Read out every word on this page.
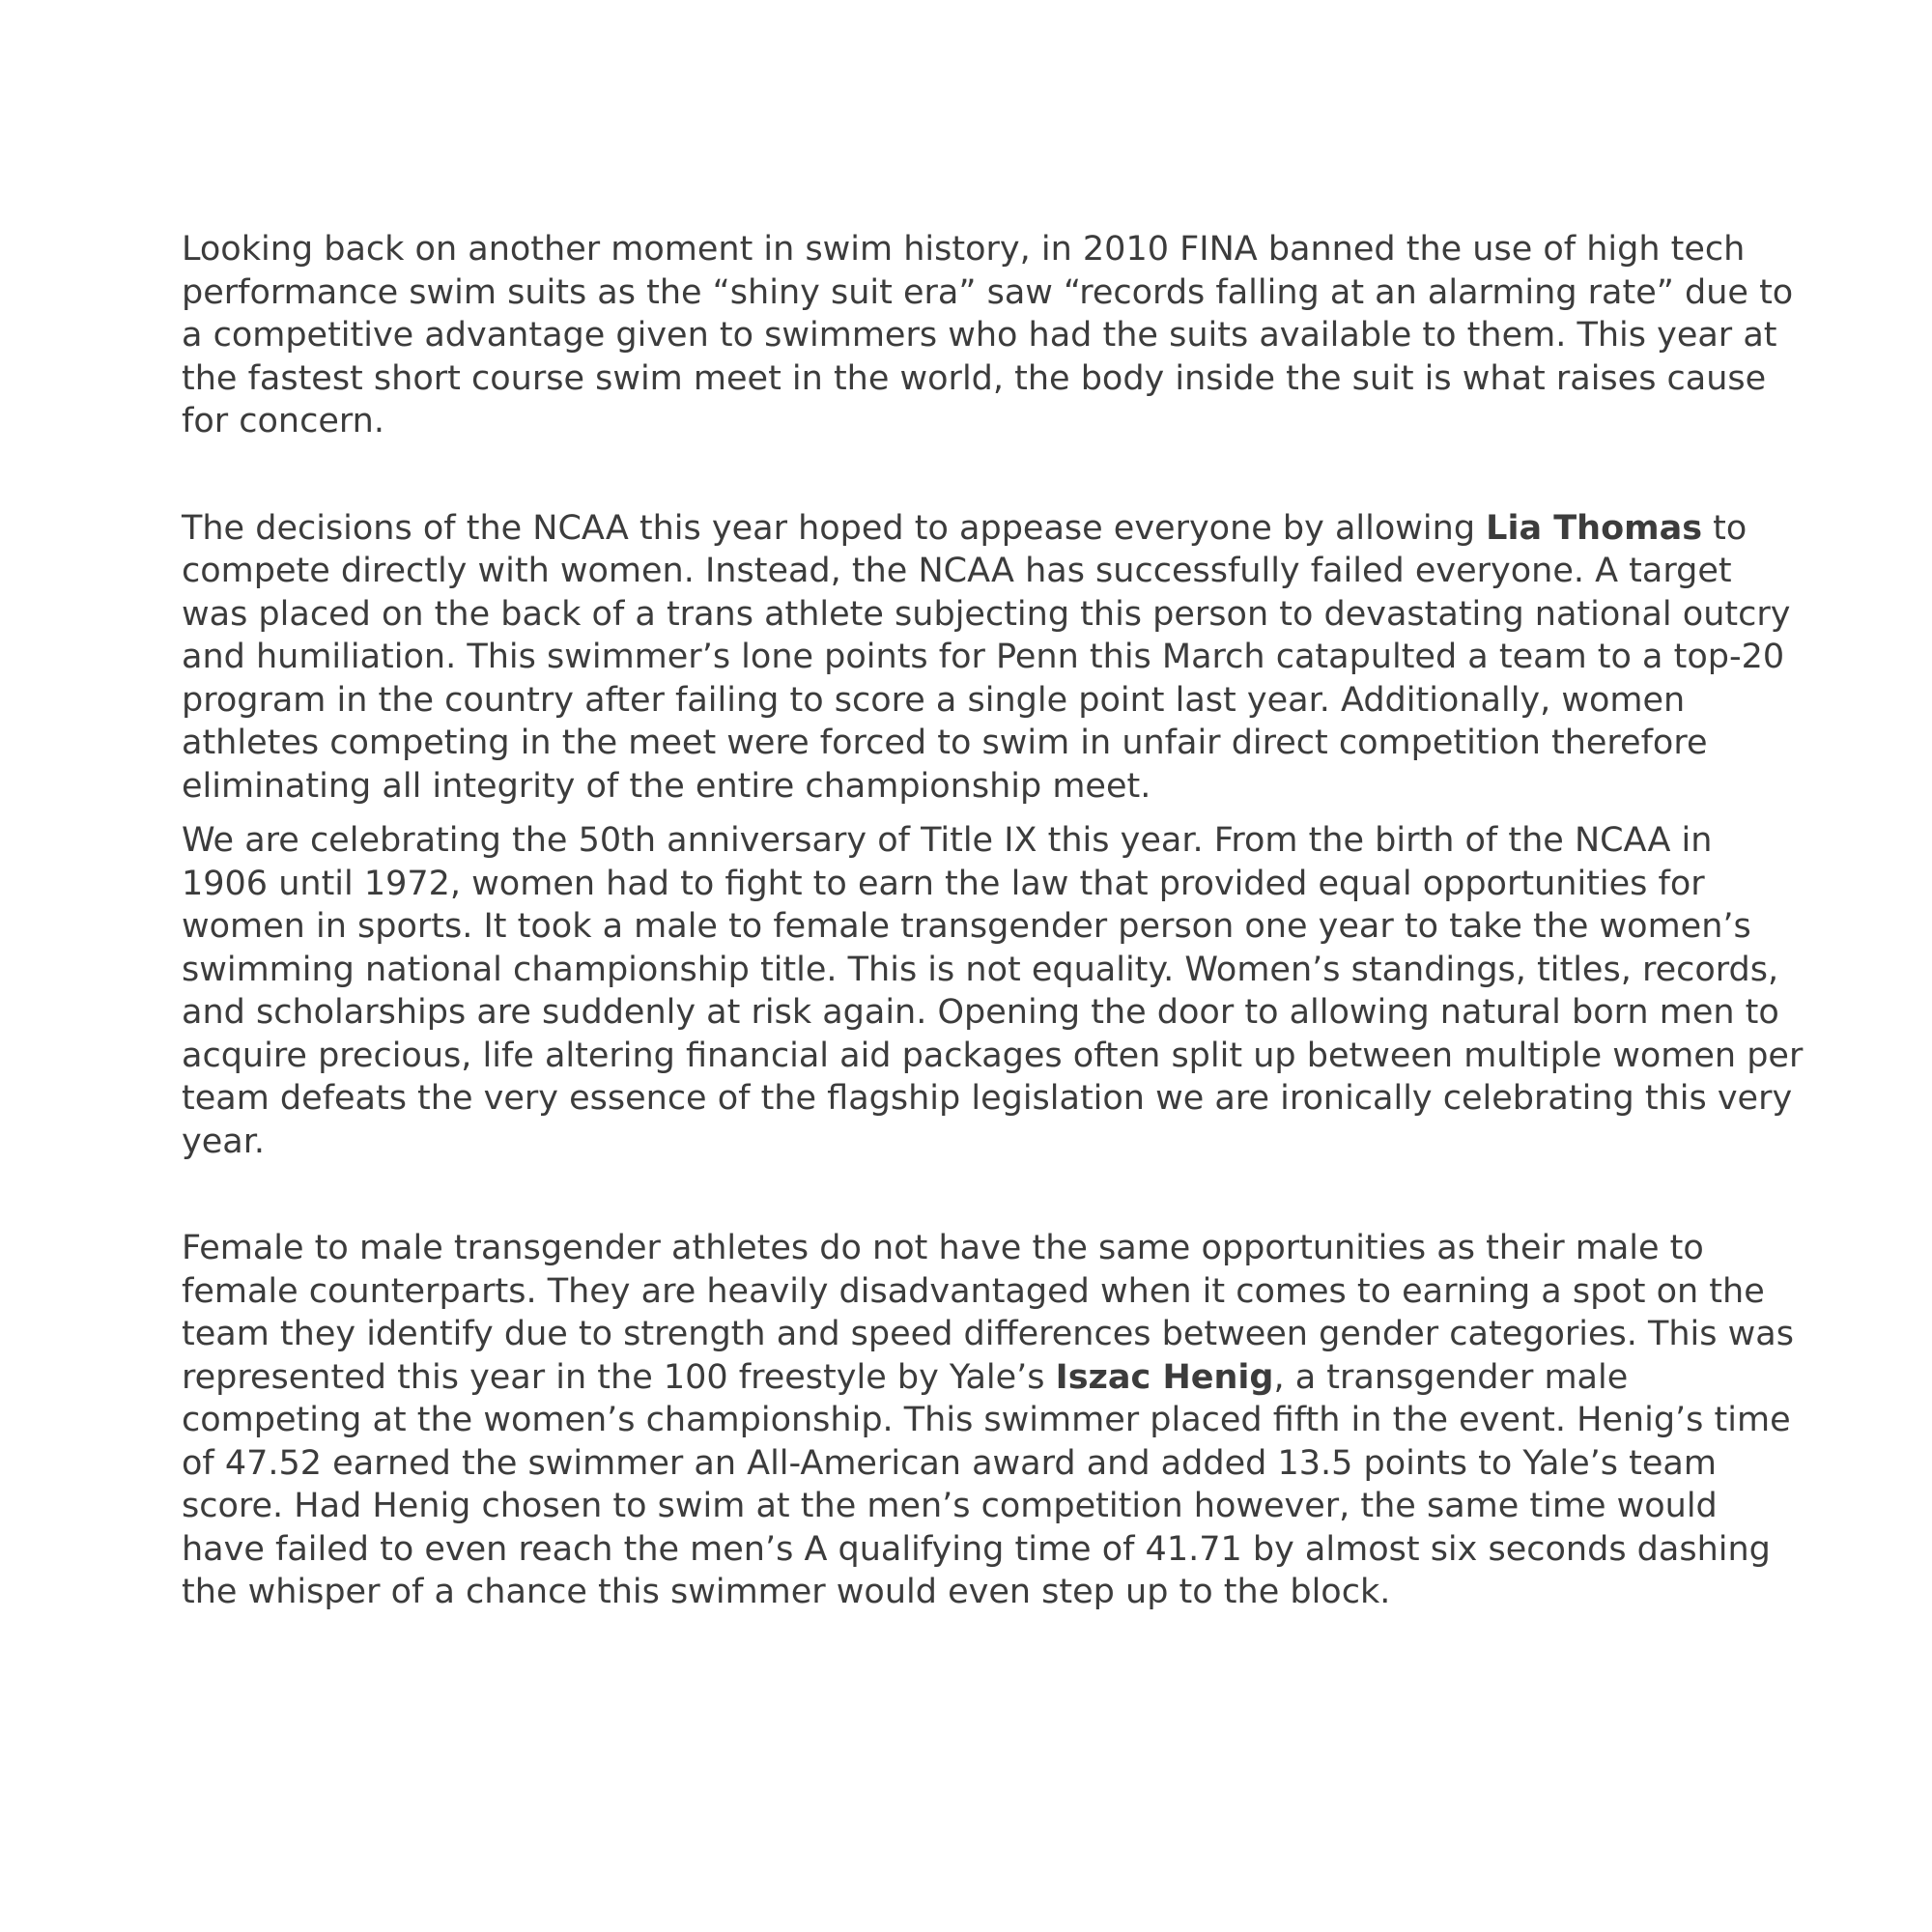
Looking back on another moment in swim history, in 2010 FINA banned the use of high tech performance swim suits as the “shiny suit era” saw “records falling at an alarming rate” due to a competitive advantage given to swimmers who had the suits available to them. This year at the fastest short course swim meet in the world, the body inside the suit is what raises cause for concern.

The decisions of the NCAA this year hoped to appease everyone by allowing Lia Thomas to compete directly with women. Instead, the NCAA has successfully failed everyone. A target was placed on the back of a trans athlete subjecting this person to devastating national outcry and humiliation. This swimmer’s lone points for Penn this March catapulted a team to a top-20 program in the country after failing to score a single point last year. Additionally, women athletes competing in the meet were forced to swim in unfair direct competition therefore eliminating all integrity of the entire championship meet.

We are celebrating the 50th anniversary of Title IX this year. From the birth of the NCAA in 1906 until 1972, women had to fight to earn the law that provided equal opportunities for women in sports. It took a male to female transgender person one year to take the women’s swimming national championship title. This is not equality. Women’s standings, titles, records, and scholarships are suddenly at risk again. Opening the door to allowing natural born men to acquire precious, life altering financial aid packages often split up between multiple women per team defeats the very essence of the flagship legislation we are ironically celebrating this very year.

Female to male transgender athletes do not have the same opportunities as their male to female counterparts. They are heavily disadvantaged when it comes to earning a spot on the team they identify due to strength and speed differences between gender categories. This was represented this year in the 100 freestyle by Yale’s Iszac Henig, a transgender male competing at the women’s championship. This swimmer placed fifth in the event. Henig’s time of 47.52 earned the swimmer an All-American award and added 13.5 points to Yale’s team score. Had Henig chosen to swim at the men’s competition however, the same time would have failed to even reach the men’s A qualifying time of 41.71 by almost six seconds dashing the whisper of a chance this swimmer would even step up to the block.
